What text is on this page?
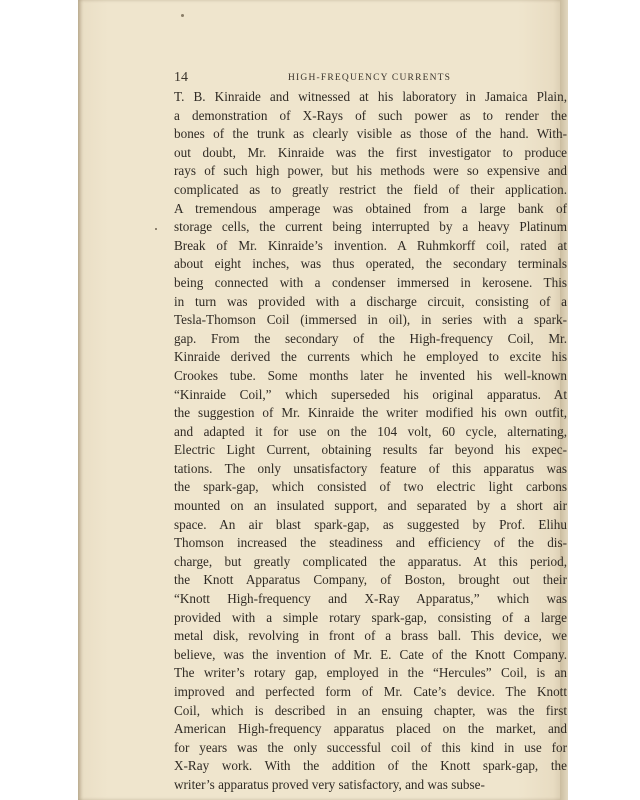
14	HIGH-FREQUENCY CURRENTS
T. B. Kinraide and witnessed at his laboratory in Jamaica Plain,
a demonstration of X-Rays of such power as to render the
bones of the trunk as clearly visible as those of the hand. With-
out doubt, Mr. Kinraide was the first investigator to produce
rays of such high power, but his methods were so expensive and
complicated as to greatly restrict the field of their application.
A tremendous amperage was obtained from a large bank of
storage cells, the current being interrupted by a heavy Platinum
Break of Mr. Kinraide’s invention. A Ruhmkorff coil, rated at
about eight inches, was thus operated, the secondary terminals
being connected with a condenser immersed in kerosene. This
in turn was provided with a discharge circuit, consisting of a
Tesla-Thomson Coil (immersed in oil), in series with a spark-
gap. From the secondary of the High-frequency Coil, Mr.
Kinraide derived the currents which he employed to excite his
Crookes tube. Some months later he invented his well-known
“Kinraide Coil,” which superseded his original apparatus. At
the suggestion of Mr. Kinraide the writer modified his own outfit,
and adapted it for use on the 104 volt, 60 cycle, alternating,
Electric Light Current, obtaining results far beyond his expec-
tations. The only unsatisfactory feature of this apparatus was
the spark-gap, which consisted of two electric light carbons
mounted on an insulated support, and separated by a short air
space. An air blast spark-gap, as suggested by Prof. Elihu
Thomson increased the steadiness and efficiency of the dis-
charge, but greatly complicated the apparatus. At this period,
the Knott Apparatus Company, of Boston, brought out their
“Knott High-frequency and X-Ray Apparatus,” which was
provided with a simple rotary spark-gap, consisting of a large
metal disk, revolving in front of a brass ball. This device, we
believe, was the invention of Mr. E. Cate of the Knott Company.
The writer’s rotary gap, employed in the “Hercules” Coil, is an
improved and perfected form of Mr. Cate’s device. The Knott
Coil, which is described in an ensuing chapter, was the first
American High-frequency apparatus placed on the market, and
for years was the only successful coil of this kind in use for
X-Ray work. With the addition of the Knott spark-gap, the
writer’s apparatus proved very satisfactory, and was subse-
